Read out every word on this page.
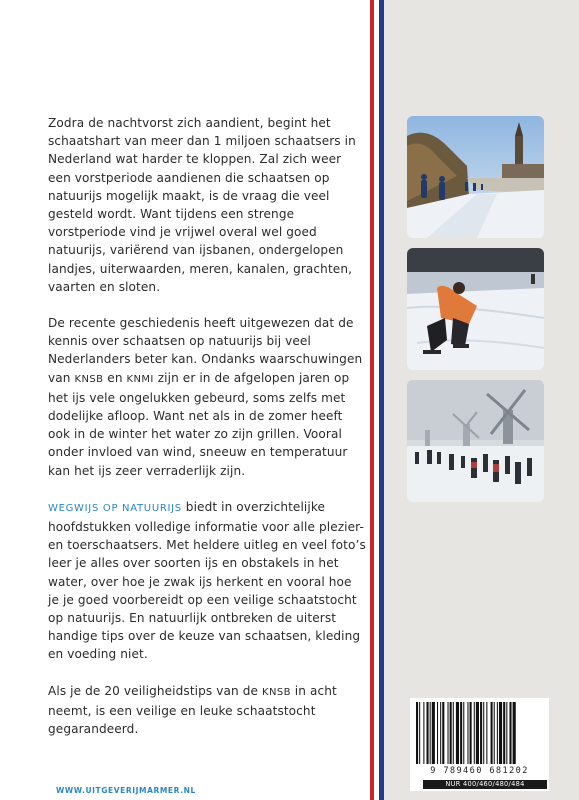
Zodra de nachtvorst zich aandient, begint het schaatshart van meer dan 1 miljoen schaatsers in Nederland wat harder te kloppen. Zal zich weer een vorstperiode aandienen die schaatsen op natuurijs mogelijk maakt, is de vraag die veel gesteld wordt. Want tijdens een strenge vorstperiode vind je vrijwel overal wel goed natuurijs, variërend van ijsbanen, ondergelopen landjes, uiterwaarden, meren, kanalen, grachten, vaarten en sloten.

De recente geschiedenis heeft uitgewezen dat de kennis over schaatsen op natuurijs bij veel Nederlanders beter kan. Ondanks waarschuwingen van KNSB en KNMI zijn er in de afgelopen jaren op het ijs vele ongelukken gebeurd, soms zelfs met dodelijke afloop. Want net als in de zomer heeft ook in de winter het water zo zijn grillen. Vooral onder invloed van wind, sneeuw en temperatuur kan het ijs zeer verraderlijk zijn.

WEGWIJS OP NATUURIJS biedt in overzichtelijke hoofdstukken volledige informatie voor alle plezier- en toerschaatsers. Met heldere uitleg en veel foto’s leer je alles over soorten ijs en obstakels in het water, over hoe je zwak ijs herkent en vooral hoe je je goed voorbereidt op een veilige schaatstocht op natuurijs. En natuurlijk ontbreken de uiterst handige tips over de keuze van schaatsen, kleding en voeding niet.

Als je de 20 veiligheidstips van de KNSB in acht neemt, is een veilige en leuke schaatstocht gegarandeerd.

WWW.UITGEVERIJMARMER.NL
9 789460 681202
NUR 400/460/480/484
